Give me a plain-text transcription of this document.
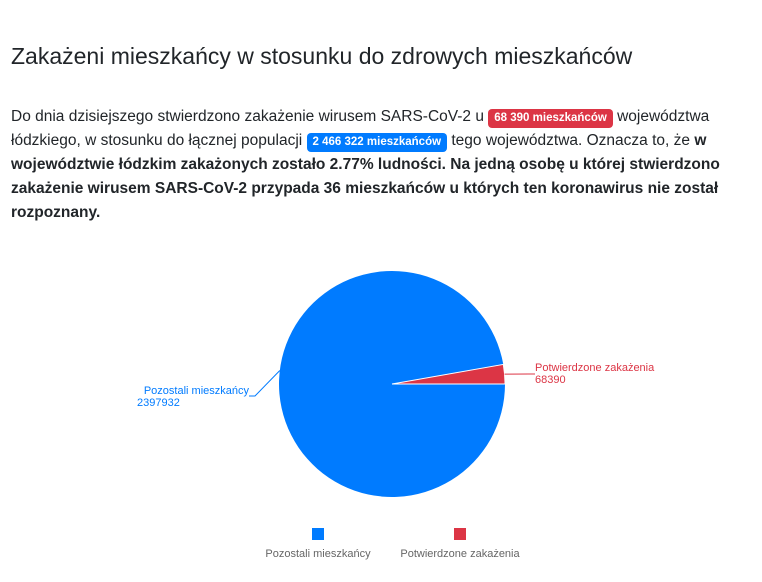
Zakażeni mieszkańcy w stosunku do zdrowych mieszkańców

Do dnia dzisiejszego stwierdzono zakażenie wirusem SARS-CoV-2 u 68 390 mieszkańców województwa łódzkiego, w stosunku do łącznej populacji 2 466 322 mieszkańców tego województwa. Oznacza to, że w województwie łódzkim zakażonych zostało 2.77% ludności. Na jedną osobę u której stwierdzono zakażenie wirusem SARS-CoV-2 przypada 36 mieszkańców u których ten koronawirus nie został rozpoznany.

Potwierdzone zakażenia
68390
Pozostali mieszkańcy
2397932
Pozostali mieszkańcy	Potwierdzone zakażenia
